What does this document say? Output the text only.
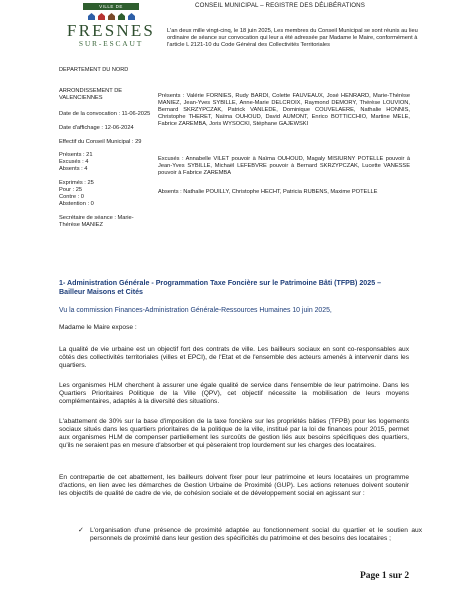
VILLE DE
FRESNES
SUR-ESCAUT
CONSEIL MUNICIPAL – REGISTRE DES DÉLIBÉRATIONS
L'an deux mille vingt-cinq, le 18 juin 2025, Les membres du Conseil Municipal se sont réunis au lieu ordinaire de séance sur convocation qui leur a été adressée par Madame le Maire, conformément à l'article L 2121-10 du Code Général des Collectivités Territoriales
DEPARTEMENT DU NORD
ARRONDISSEMENT DE VALENCIENNES
Date de la convocation : 11-06-2025
Date d'affichage : 12-06-2024
Effectif du Conseil Municipal : 29
Présents : 21
Excusés : 4
Absents : 4
Exprimés : 25
Pour : 25
Contre : 0
Abstention : 0
Secrétaire de séance : Marie-Thérèse MANIEZ
Présents : Valérie FORNIES, Rudy BARDI, Colette FAUVEAUX, José HENRARD, Marie-Thérèse MANIEZ, Jean-Yves SYBILLE, Anne-Marie DELCROIX, Raymond DEMORY, Thérèse LOUVION, Bernard SKRZYPCZAK, Patrick VANLEDE, Dominique COUVELAERE, Nathalie HONNIS, Christophe THERET, Naïma OUHOUD, David AUMONT, Enrico BOTTICCHIO, Martine MELE, Fabrice ZAREMBA, Joris WYSOCKI, Stéphane GAJEWSKI
Excusés : Annabelle VILET pouvoir à Naïma OUHOUD, Magaly MISIURNY POTELLE pouvoir à Jean-Yves SYBILLE, Michaël LEFEBVRE pouvoir à Bernard SKRZYPCZAK, Lucette VANESSE pouvoir à Fabrice ZAREMBA
Absents : Nathalie POUILLY, Christophe HECHT, Patricia RUBENS, Maxime POTELLE
1- Administration Générale - Programmation Taxe Foncière sur le Patrimoine Bâti (TFPB) 2025 – Bailleur Maisons et Cités
Vu la commission Finances-Administration Générale-Ressources Humaines 10 juin 2025,
Madame le Maire expose :
La qualité de vie urbaine est un objectif fort des contrats de ville. Les bailleurs sociaux en sont co-responsables aux côtés des collectivités territoriales (villes et EPCI), de l'Etat et de l'ensemble des acteurs amenés à intervenir dans les quartiers.
Les organismes HLM cherchent à assurer une égale qualité de service dans l'ensemble de leur patrimoine. Dans les Quartiers Prioritaires Politique de la Ville (QPV), cet objectif nécessite la mobilisation de leurs moyens complémentaires, adaptés à la diversité des situations.
L'abattement de 30% sur la base d'imposition de la taxe foncière sur les propriétés bâties (TFPB) pour les logements sociaux situés dans les quartiers prioritaires de la politique de la ville, institué par la loi de finances pour 2015, permet aux organismes HLM de compenser partiellement les surcoûts de gestion liés aux besoins spécifiques des quartiers, qu'ils ne seraient pas en mesure d'absorber et qui pèseraient trop lourdement sur les charges des locataires.
En contrepartie de cet abattement, les bailleurs doivent fixer pour leur patrimoine et leurs locataires un programme d'actions, en lien avec les démarches de Gestion Urbaine de Proximité (GUP). Les actions retenues doivent soutenir les objectifs de qualité de cadre de vie, de cohésion sociale et de développement social en agissant sur :
✓ L'organisation d'une présence de proximité adaptée au fonctionnement social du quartier et le soutien aux personnels de proximité dans leur gestion des spécificités du patrimoine et des besoins des locataires ;
Page 1 sur 2
